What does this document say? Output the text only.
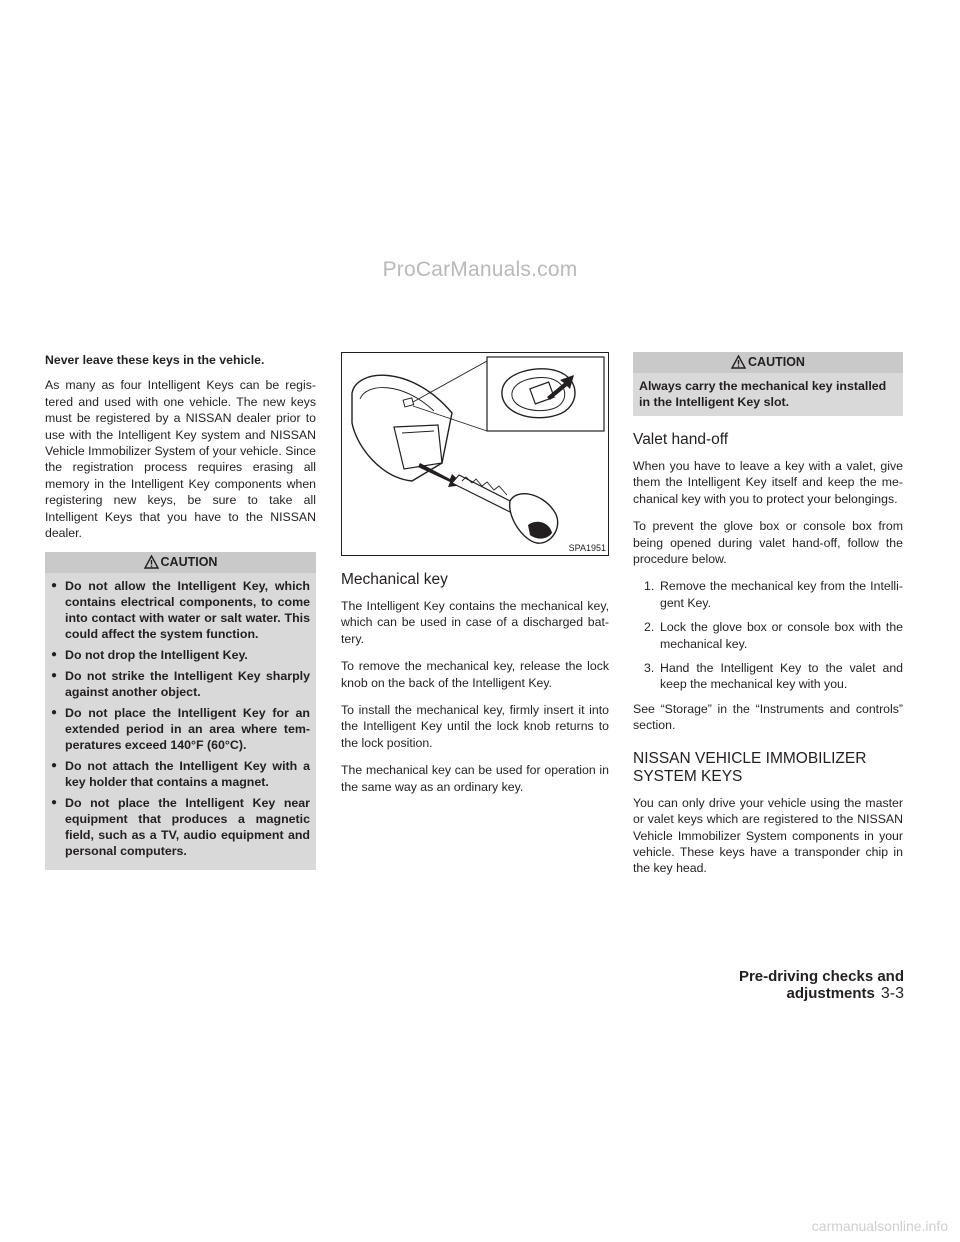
ProCarManuals.com

Never leave these keys in the vehicle.

As many as four Intelligent Keys can be regis- tered and used with one vehicle. The new keys must be registered by a NISSAN dealer prior to use with the Intelligent Key system and NISSAN Vehicle Immobilizer System of your vehicle. Since the registration process requires erasing all memory in the Intelligent Key components when registering new keys, be sure to take all Intelligent Keys that you have to the NISSAN dealer.

CAUTION
● Do not allow the Intelligent Key, which contains electrical components, to come into contact with water or salt water. This could affect the system function.
● Do not drop the Intelligent Key.
● Do not strike the Intelligent Key sharply against another object.
● Do not place the Intelligent Key for an extended period in an area where tem- peratures exceed 140°F (60°C).
● Do not attach the Intelligent Key with a key holder that contains a magnet.
● Do not place the Intelligent Key near equipment that produces a magnetic field, such as a TV, audio equipment and personal computers.
SPA1951
Mechanical key

The Intelligent Key contains the mechanical key, which can be used in case of a discharged bat- tery.

To remove the mechanical key, release the lock knob on the back of the Intelligent Key.

To install the mechanical key, firmly insert it into the Intelligent Key until the lock knob returns to the lock position.

The mechanical key can be used for operation in the same way as an ordinary key.

CAUTION
Always carry the mechanical key installed in the Intelligent Key slot.
Valet hand-off

When you have to leave a key with a valet, give them the Intelligent Key itself and keep the me- chanical key with you to protect your belongings.

To prevent the glove box or console box from being opened during valet hand-off, follow the procedure below.

1. Remove the mechanical key from the Intelli- gent Key.
2. Lock the glove box or console box with the mechanical key.
3. Hand the Intelligent Key to the valet and keep the mechanical key with you.

See “Storage” in the “Instruments and controls” section.

NISSAN VEHICLE IMMOBILIZER
SYSTEM KEYS

You can only drive your vehicle using the master or valet keys which are registered to the NISSAN Vehicle Immobilizer System components in your vehicle. These keys have a transponder chip in the key head.

Pre-driving checks and adjustments 3-3
carmanualsonline.info
